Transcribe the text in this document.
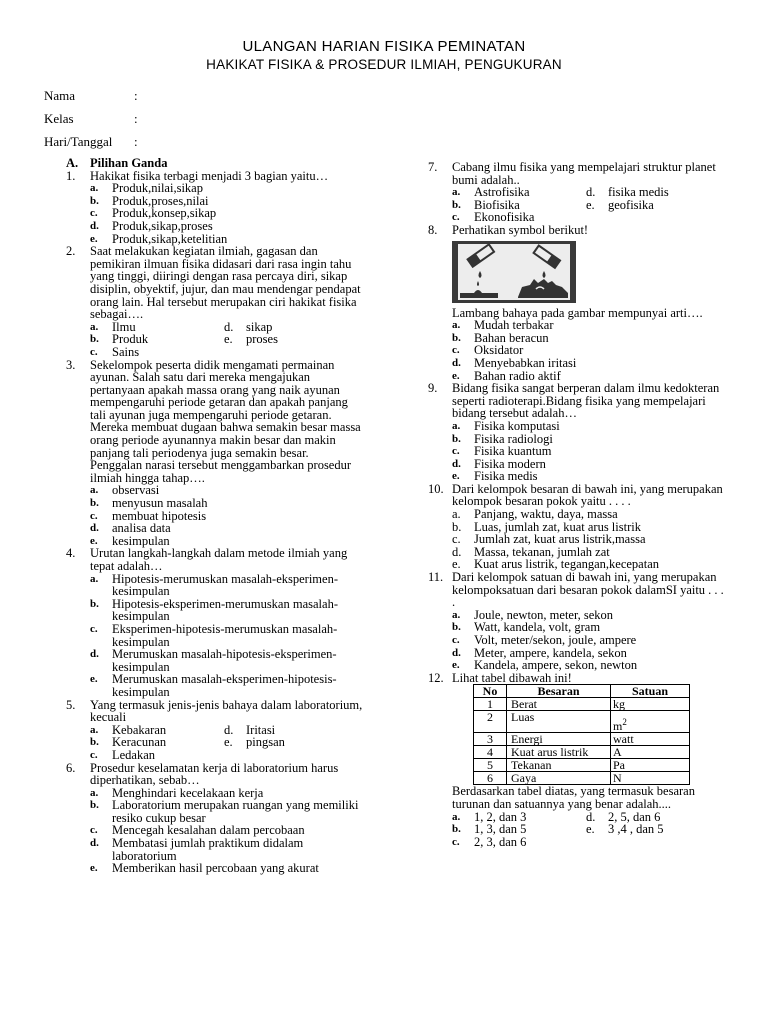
ULANGAN HARIAN FISIKA PEMINATAN
HAKIKAT FISIKA & PROSEDUR ILMIAH, PENGUKURAN
Nama	:
Kelas	:
Hari/Tanggal :
A. Pilihan Ganda
1. Hakikat fisika terbagi menjadi 3 bagian yaitu…
a. Produk,nilai,sikap
b. Produk,proses,nilai
c. Produk,konsep,sikap
d. Produk,sikap,proses
e. Produk,sikap,ketelitian
2. Saat melakukan kegiatan ilmiah, gagasan dan pemikiran ilmuan fisika didasari dari rasa ingin tahu yang tinggi, diiringi dengan rasa percaya diri, sikap disiplin, obyektif, jujur, dan mau mendengar pendapat orang lain. Hal tersebut merupakan ciri hakikat fisika sebagai….
a. Ilmu	d. sikap
b. Produk	e. proses
c. Sains
3. Sekelompok peserta didik mengamati permainan ayunan. Salah satu dari mereka mengajukan pertanyaan apakah massa orang yang naik ayunan mempengaruhi periode getaran dan apakah panjang tali ayunan juga mempengaruhi periode getaran. Mereka membuat dugaan bahwa semakin besar massa orang periode ayunannya makin besar dan makin panjang tali periodenya juga semakin besar.
Penggalan narasi tersebut menggambarkan prosedur ilmiah hingga tahap….
a. observasi
b. menyusun masalah
c. membuat hipotesis
d. analisa data
e. kesimpulan
4. Urutan langkah-langkah dalam metode ilmiah yang tepat adalah…
a. Hipotesis-merumuskan masalah-eksperimen-kesimpulan
b. Hipotesis-eksperimen-merumuskan masalah-kesimpulan
c. Eksperimen-hipotesis-merumuskan masalah-kesimpulan
d. Merumuskan masalah-hipotesis-eksperimen-kesimpulan
e. Merumuskan masalah-eksperimen-hipotesis-kesimpulan
5. Yang termasuk jenis-jenis bahaya dalam laboratorium, kecuali
a. Kebakaran	d. Iritasi
b. Keracunan	e. pingsan
c. Ledakan
6. Prosedur keselamatan kerja di laboratorium harus diperhatikan, sebab…
a. Menghindari kecelakaan kerja
b. Laboratorium merupakan ruangan yang memiliki resiko cukup besar
c. Mencegah kesalahan dalam percobaan
d. Membatasi jumlah praktikum didalam laboratorium
e. Memberikan hasil percobaan yang akurat
7. Cabang ilmu fisika yang mempelajari struktur planet bumi adalah..
a. Astrofisika	d. fisika medis
b. Biofisika	e. geofisika
c. Ekonofisika
8. Perhatikan symbol berikut!
Lambang bahaya pada gambar mempunyai arti….
a. Mudah terbakar
b. Bahan beracun
c. Oksidator
d. Menyebabkan iritasi
e. Bahan radio aktif
9. Bidang fisika sangat berperan dalam ilmu kedokteran seperti radioterapi.Bidang fisika yang mempelajari bidang tersebut adalah…
a. Fisika komputasi
b. Fisika radiologi
c. Fisika kuantum
d. Fisika modern
e. Fisika medis
10. Dari kelompok besaran di bawah ini, yang merupakan kelompok besaran pokok yaitu . . . .
a. Panjang, waktu, daya, massa
b. Luas, jumlah zat, kuat arus listrik
c. Jumlah zat, kuat arus listrik,massa
d. Massa, tekanan, jumlah zat
e. Kuat arus listrik, tegangan,kecepatan
11. Dari kelompok satuan di bawah ini, yang merupakan kelompoksatuan dari besaran pokok dalamSI yaitu . . . .
a. Joule, newton, meter, sekon
b. Watt, kandela, volt, gram
c. Volt, meter/sekon, joule, ampere
d. Meter, ampere, kandela, sekon
e. Kandela, ampere, sekon, newton
12. Lihat tabel dibawah ini!
No	Besaran	Satuan
1	Berat	kg
2	Luas	$m^2$
3	Energi	watt
4	Kuat arus listrik	A
5	Tekanan	Pa
6	Gaya	N
Berdasarkan tabel diatas, yang termasuk besaran turunan dan satuannya yang benar adalah....
a. 1, 2, dan 3	d. 2, 5, dan 6
b. 1, 3, dan 5	e. 3 ,4 , dan 5
c. 2, 3, dan 6
